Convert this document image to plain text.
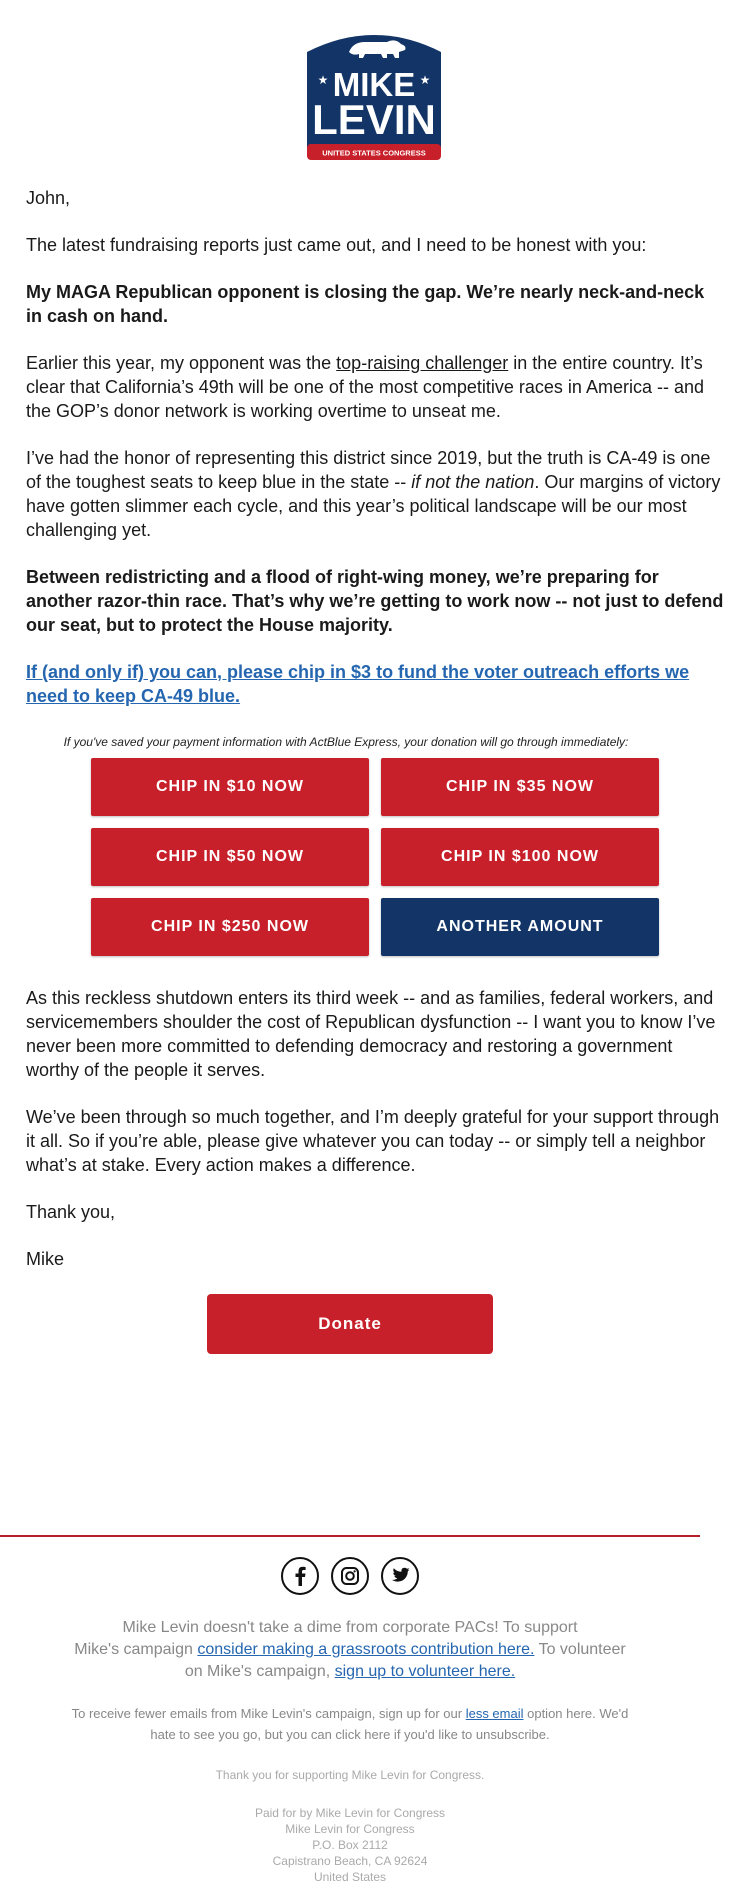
MIKE
★	★
LEVIN
UNITED STATES CONGRESS

John,

The latest fundraising reports just came out, and I need to be honest with you:

My MAGA Republican opponent is closing the gap. We’re nearly neck-and-neck
in cash on hand.

Earlier this year, my opponent was the top-raising challenger in the entire country. It’s
clear that California’s 49th will be one of the most competitive races in America -- and
the GOP’s donor network is working overtime to unseat me.

I’ve had the honor of representing this district since 2019, but the truth is CA-49 is one
of the toughest seats to keep blue in the state -- if not the nation. Our margins of victory
have gotten slimmer each cycle, and this year’s political landscape will be our most
challenging yet.

Between redistricting and a flood of right-wing money, we’re preparing for
another razor-thin race. That’s why we’re getting to work now -- not just to defend
our seat, but to protect the House majority.

If (and only if) you can, please chip in $3 to fund the voter outreach efforts we
need to keep CA-49 blue.

If you've saved your payment information with ActBlue Express, your donation will go through immediately:
CHIP IN $10 NOW	CHIP IN $35 NOW
CHIP IN $50 NOW	CHIP IN $100 NOW
CHIP IN $250 NOW	ANOTHER AMOUNT

As this reckless shutdown enters its third week -- and as families, federal workers, and
servicemembers shoulder the cost of Republican dysfunction -- I want you to know I’ve
never been more committed to defending democracy and restoring a government
worthy of the people it serves.

We’ve been through so much together, and I’m deeply grateful for your support through
it all. So if you’re able, please give whatever you can today -- or simply tell a neighbor
what’s at stake. Every action makes a difference.

Thank you,

Mike

Donate
Mike Levin doesn't take a dime from corporate PACs! To support
Mike's campaign consider making a grassroots contribution here. To volunteer
on Mike's campaign, sign up to volunteer here.
To receive fewer emails from Mike Levin's campaign, sign up for our less email option here. We'd
hate to see you go, but you can click here if you'd like to unsubscribe.
Thank you for supporting Mike Levin for Congress.
Paid for by Mike Levin for Congress
Mike Levin for Congress
P.O. Box 2112
Capistrano Beach, CA 92624
United States
